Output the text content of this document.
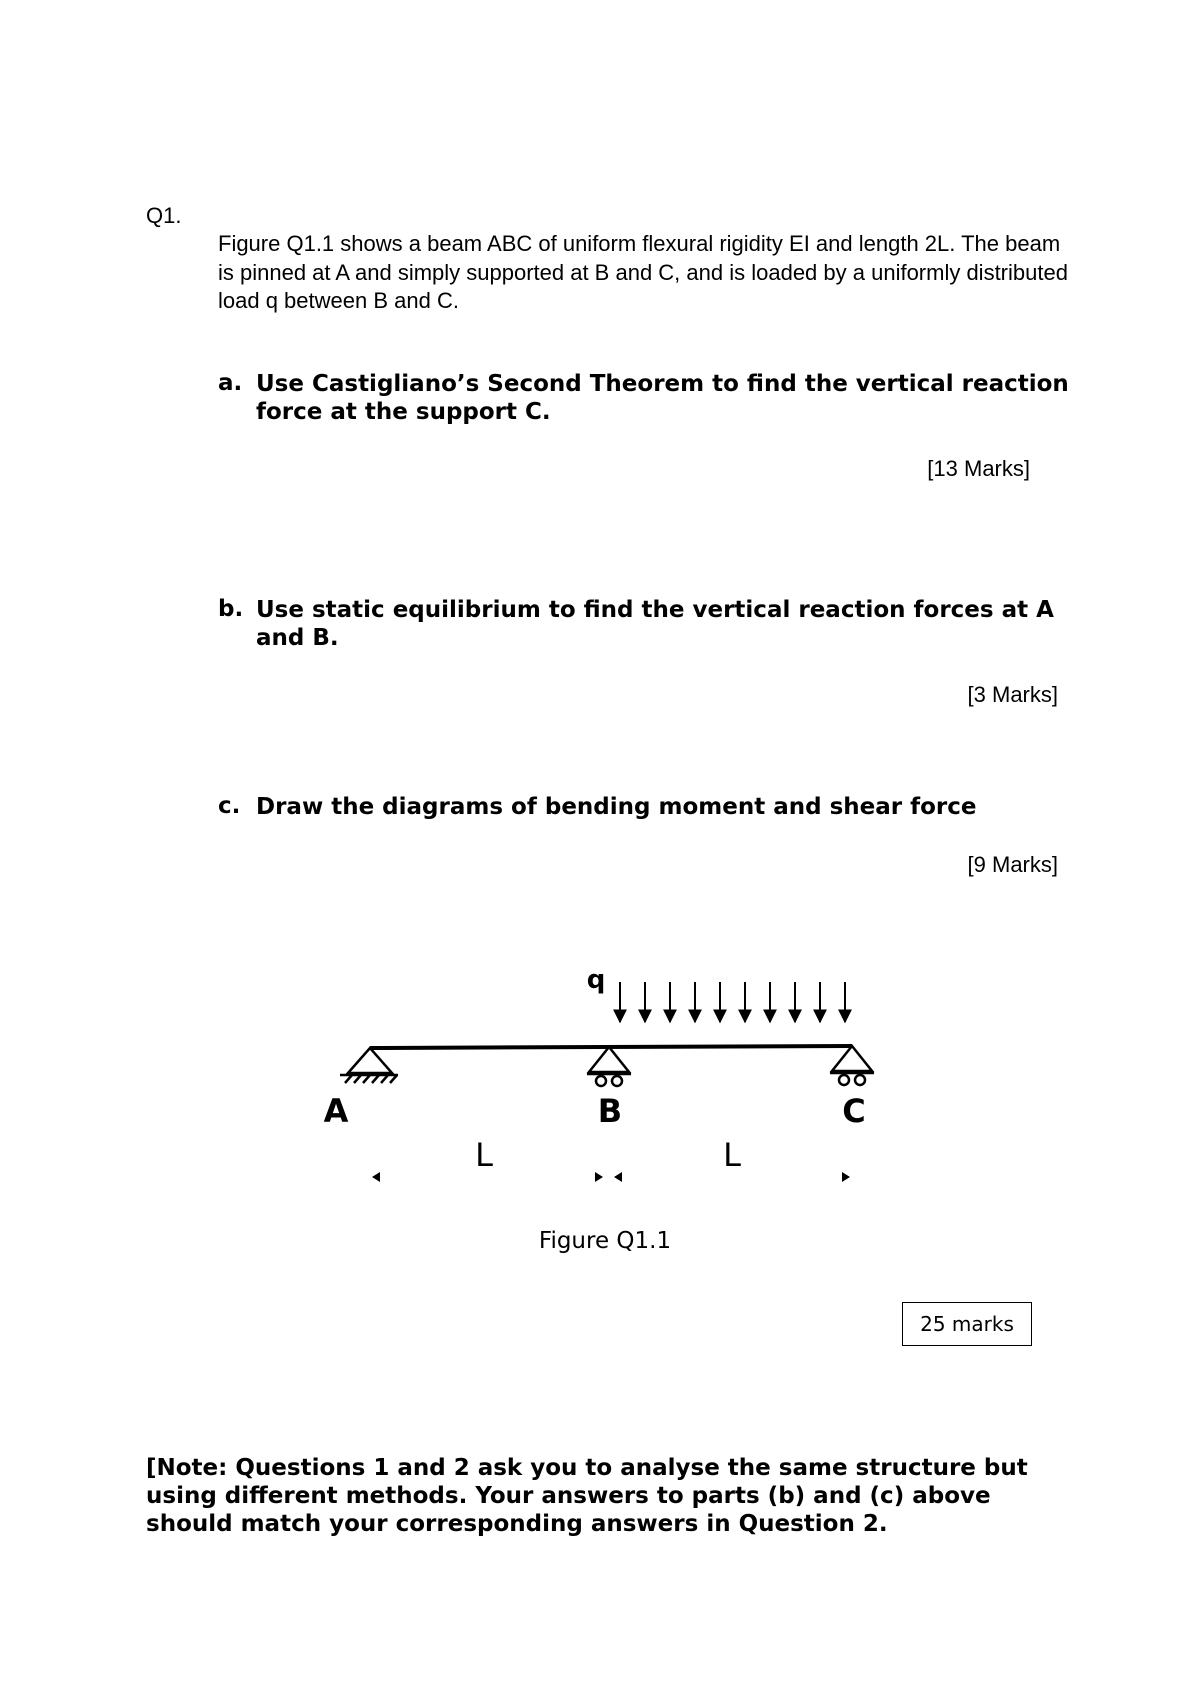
Q1.
Figure Q1.1 shows a beam ABC of uniform flexural rigidity EI and length 2L. The beam is pinned at A and simply supported at B and C, and is loaded by a uniformly distributed load q between B and C.
a. Use Castigliano’s Second Theorem to find the vertical reaction force at the support C.
[13 Marks]
b. Use static equilibrium to find the vertical reaction forces at A and B.
[3 Marks]
c. Draw the diagrams of bending moment and shear force
[9 Marks]
q
A	B	C
L	L
Figure Q1.1
25 marks
[Note: Questions 1 and 2 ask you to analyse the same structure but using different methods. Your answers to parts (b) and (c) above should match your corresponding answers in Question 2.
